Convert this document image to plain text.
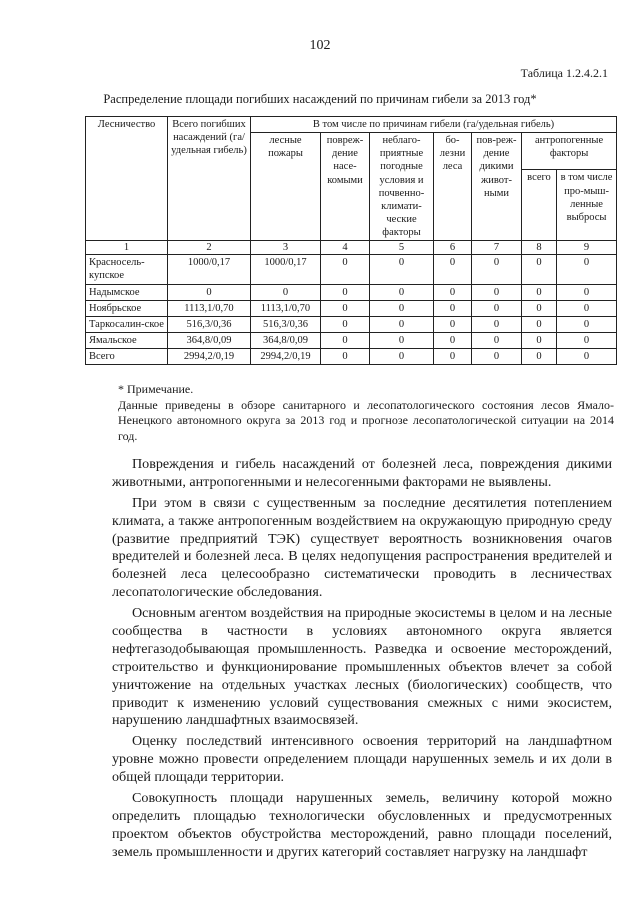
102
Таблица 1.2.4.2.1
Распределение площади погибших насаждений по причинам гибели за 2013 год*
Лесничество	Всего погибших насаждений (га/удельная гибель)	В том числе по причинам гибели (га/удельная гибель)						
		лесные пожары	повреж-дение насе-комыми	неблаго-приятные погодные условия и почвенно-климати-ческие факторы	бо-лезни леса	пов-реж-дение дикими живот-ными	антропогенные факторы	
							всего	в том числе про-мыш-ленные выбросы
1	2	3	4	5	6	7	8	9
Красносель-купское	1000/0,17	1000/0,17	0	0	0	0	0	0
Надымское	0	0	0	0	0	0	0	0
Ноябрьское	1113,1/0,70	1113,1/0,70	0	0	0	0	0	0
Таркосалин-ское	516,3/0,36	516,3/0,36	0	0	0	0	0	0
Ямальское	364,8/0,09	364,8/0,09	0	0	0	0	0	0
Всего	2994,2/0,19	2994,2/0,19	0	0	0	0	0	0
* Примечание.
Данные приведены в обзоре санитарного и лесопатологического состояния лесов Ямало-Ненецкого автономного округа за 2013 год и прогнозе лесопатологической ситуации на 2014 год.

Повреждения и гибель насаждений от болезней леса, повреждения дикими животными, антропогенными и нелесогенными факторами не выявлены.

При этом в связи с существенным за последние десятилетия потеплением климата, а также антропогенным воздействием на окружающую природную среду (развитие предприятий ТЭК) существует вероятность возникновения очагов вредителей и болезней леса. В целях недопущения распространения вредителей и болезней леса целесообразно систематически проводить в лесничествах лесопатологические обследования.

Основным агентом воздействия на природные экосистемы в целом и на лесные сообщества в частности в условиях автономного округа является нефтегазодобывающая промышленность. Разведка и освоение месторождений, строительство и функционирование промышленных объектов влечет за собой уничтожение на отдельных участках лесных (биологических) сообществ, что приводит к изменению условий существования смежных с ними экосистем, нарушению ландшафтных взаимосвязей.

Оценку последствий интенсивного освоения территорий на ландшафтном уровне можно провести определением площади нарушенных земель и их доли в общей площади территории.

Совокупность площади нарушенных земель, величину которой можно определить площадью технологически обусловленных и предусмотренных проектом объектов обустройства месторождений, равно площади поселений, земель промышленности и других категорий составляет нагрузку на ландшафт
